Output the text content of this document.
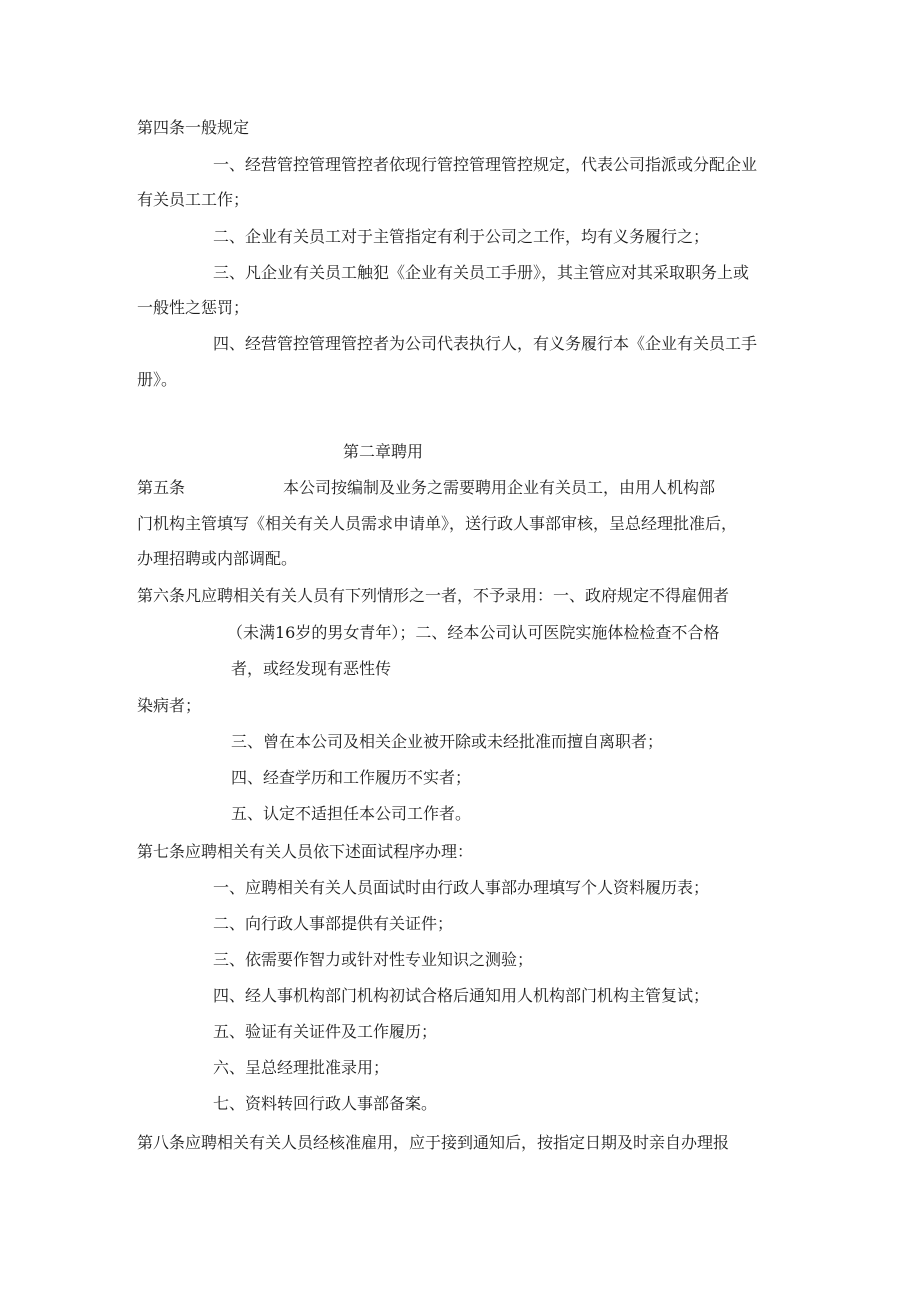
第四条一般规定
一、经营管控管理管控者依现行管控管理管控规定，代表公司指派或分配企业
有关员工工作；
二、企业有关员工对于主管指定有利于公司之工作，均有义务履行之；
三、凡企业有关员工触犯《企业有关员工手册》，其主管应对其采取职务上或
一般性之惩罚；
四、经营管控管理管控者为公司代表执行人，有义务履行本《企业有关员工手
册》。
第二章聘用
第五条	本公司按编制及业务之需要聘用企业有关员工，由用人机构部
门机构主管填写《相关有关人员需求申请单》，送行政人事部审核，呈总经理批准后，
办理招聘或内部调配。
第六条凡应聘相关有关人员有下列情形之一者，不予录用：一、政府规定不得雇佣者
（未满16岁的男女青年）；二、经本公司认可医院实施体检检查不合格
者，或经发现有恶性传
染病者；
三、曾在本公司及相关企业被开除或未经批准而擅自离职者；
四、经查学历和工作履历不实者；
五、认定不适担任本公司工作者。
第七条应聘相关有关人员依下述面试程序办理：
一、应聘相关有关人员面试时由行政人事部办理填写个人资料履历表；
二、向行政人事部提供有关证件；
三、依需要作智力或针对性专业知识之测验；
四、经人事机构部门机构初试合格后通知用人机构部门机构主管复试；
五、验证有关证件及工作履历；
六、呈总经理批准录用；
七、资料转回行政人事部备案。
第八条应聘相关有关人员经核准雇用，应于接到通知后，按指定日期及时亲自办理报
